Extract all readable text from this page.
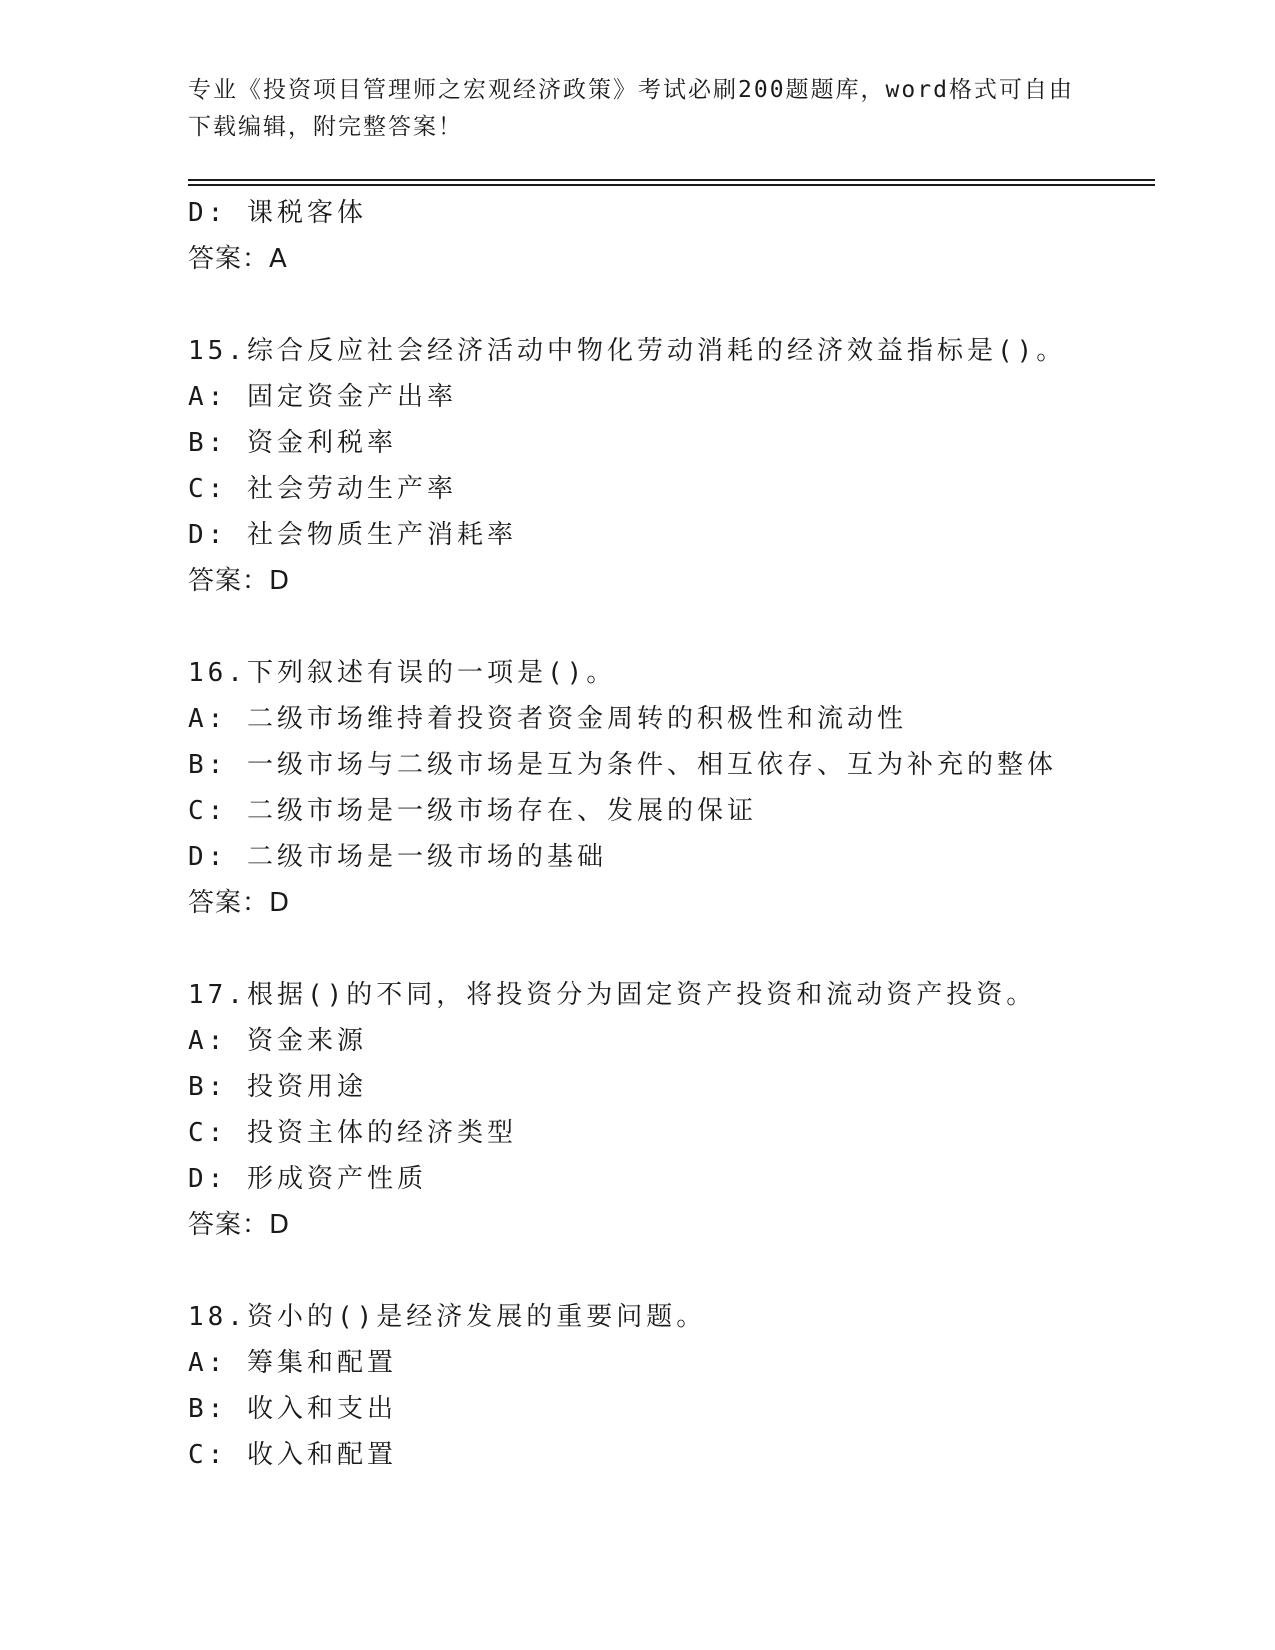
专业《投资项目管理师之宏观经济政策》考试必刷200题题库，word格式可自由
下载编辑，附完整答案！
D: 课税客体
答案：A
15.综合反应社会经济活动中物化劳动消耗的经济效益指标是()。
A: 固定资金产出率
B: 资金利税率
C: 社会劳动生产率
D: 社会物质生产消耗率
答案：D
16.下列叙述有误的一项是()。
A: 二级市场维持着投资者资金周转的积极性和流动性
B: 一级市场与二级市场是互为条件、相互依存、互为补充的整体
C: 二级市场是一级市场存在、发展的保证
D: 二级市场是一级市场的基础
答案：D
17.根据()的不同，将投资分为固定资产投资和流动资产投资。
A: 资金来源
B: 投资用途
C: 投资主体的经济类型
D: 形成资产性质
答案：D
18.资小的()是经济发展的重要问题。
A: 筹集和配置
B: 收入和支出
C: 收入和配置
